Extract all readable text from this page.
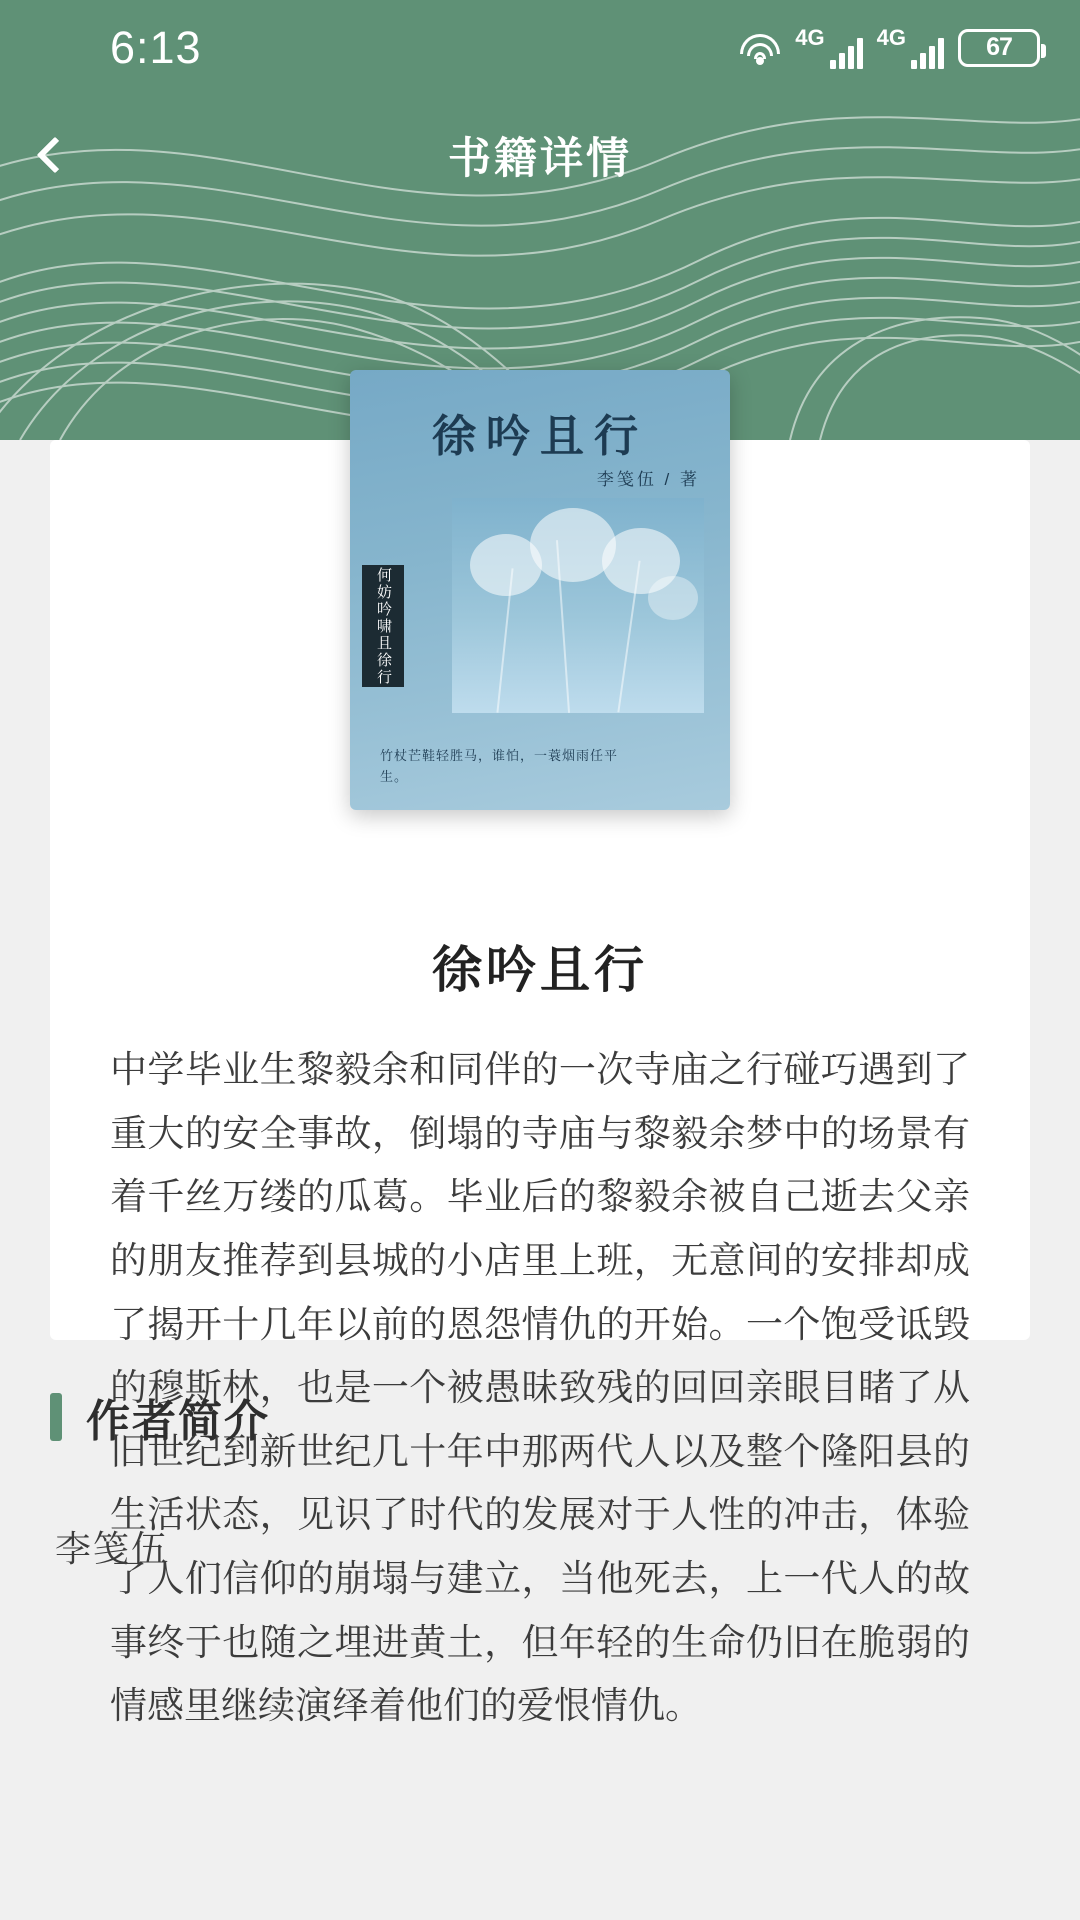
6:13	4G 4G	67
书籍详情
徐吟且行
李笺伍 / 著
何妨吟啸且徐行
竹杖芒鞋轻胜马，谁怕，一蓑烟雨任平生。
徐吟且行
中学毕业生黎毅余和同伴的一次寺庙之行碰巧遇到了重大的安全事故，倒塌的寺庙与黎毅余梦中的场景有着千丝万缕的瓜葛。毕业后的黎毅余被自己逝去父亲的朋友推荐到县城的小店里上班，无意间的安排却成了揭开十几年以前的恩怨情仇的开始。一个饱受诋毁的穆斯林，也是一个被愚昧致残的回回亲眼目睹了从旧世纪到新世纪几十年中那两代人以及整个隆阳县的生活状态，见识了时代的发展对于人性的冲击，体验了人们信仰的崩塌与建立，当他死去，上一代人的故事终于也随之埋进黄土，但年轻的生命仍旧在脆弱的情感里继续演绎着他们的爱恨情仇。
作者简介
李笺伍
